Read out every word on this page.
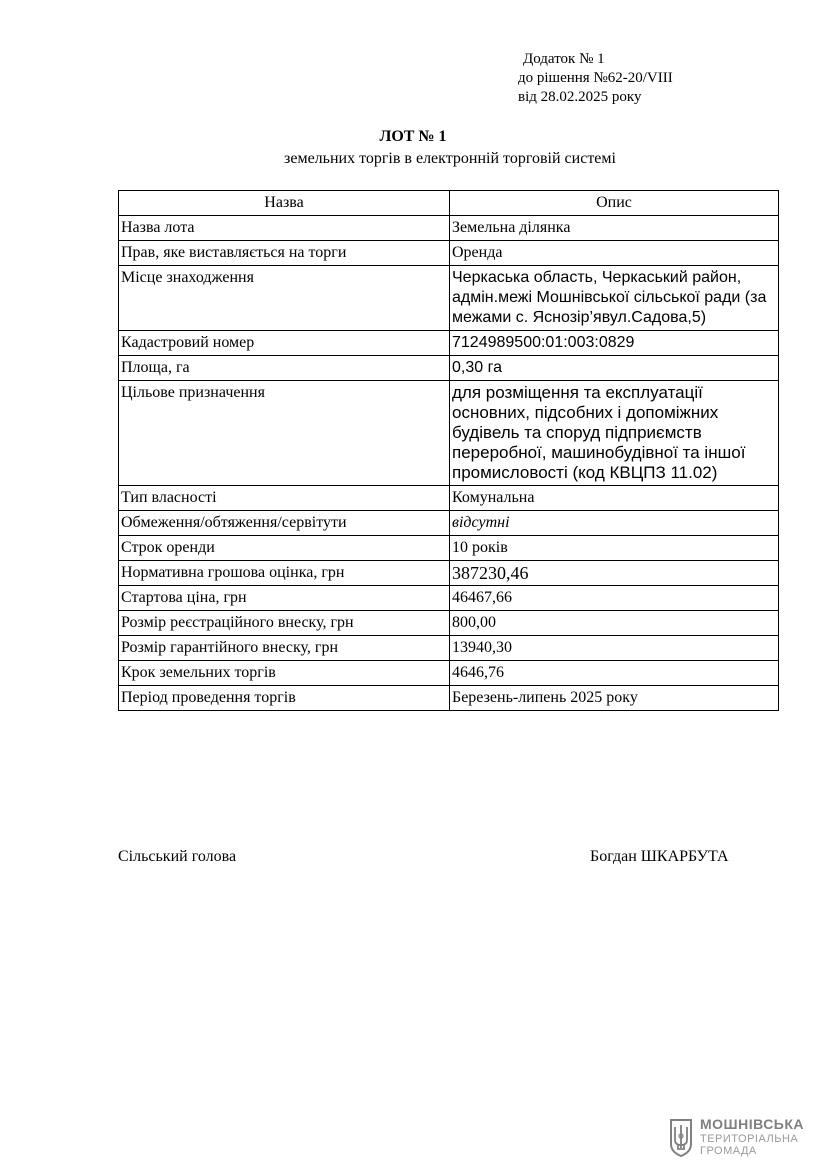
Додаток № 1
до рішення №62-20/VIII
від 28.02.2025 року
ЛОТ № 1
земельних торгів в електронній торговій системі
Назва	Опис
Назва лота	Земельна ділянка
Прав, яке виставляється на торги	Оренда
Місце знаходження	Черкаська область, Черкаський район, адмін.межі Мошнівської сільської ради (за межами с. Яснозір’явул.Садова,5)
Кадастровий номер	7124989500:01:003:0829
Площа, га	0,30 га
Цільове призначення	для розміщення та експлуатації основних, підсобних і допоміжних будівель та споруд підприємств переробної, машинобудівної та іншої промисловості (код КВЦПЗ 11.02)
Тип власності	Комунальна
Обмеження/обтяження/сервітути	відсутні
Строк оренди	10 років
Нормативна грошова оцінка, грн	387230,46
Стартова ціна, грн	46467,66
Розмір реєстраційного внеску, грн	800,00
Розмір гарантійного внеску, грн	13940,30
Крок земельних торгів	4646,76
Період проведення торгів	Березень-липень 2025 року
Сільський голова	Богдан ШКАРБУТА
МОШНІВСЬКА
ТЕРИТОРІАЛЬНА
ГРОМАДА
